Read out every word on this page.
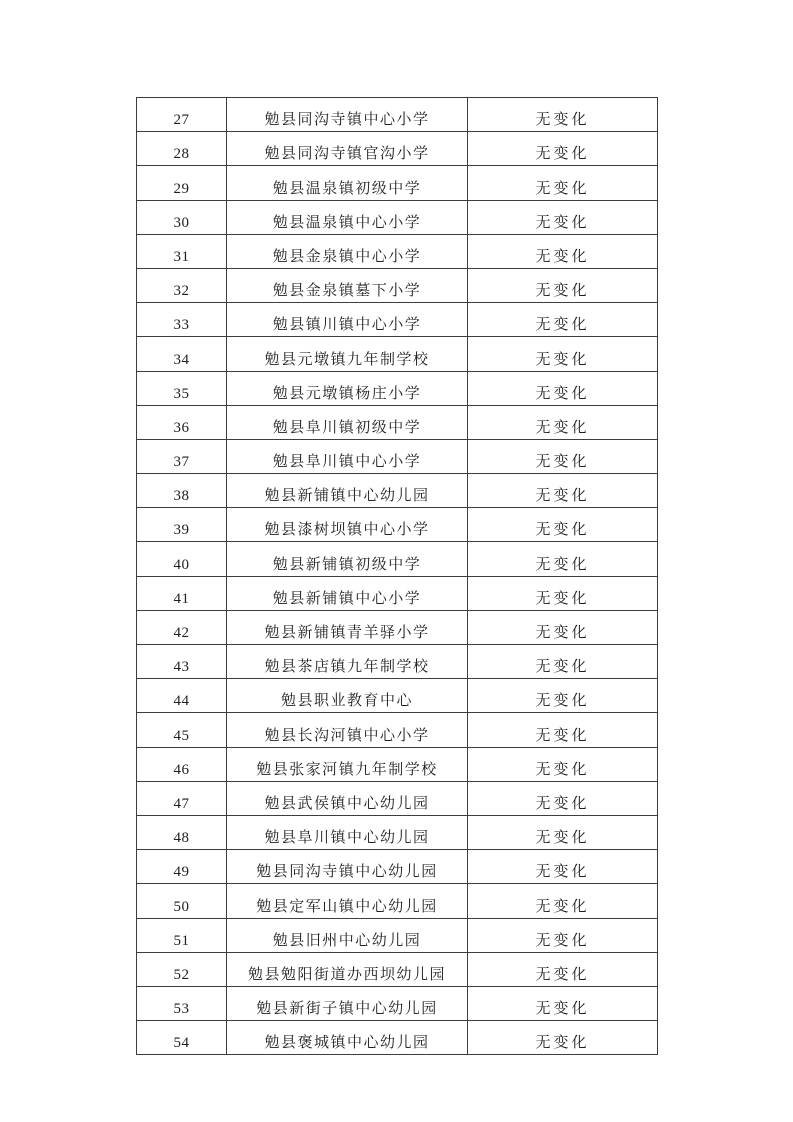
27	勉县同沟寺镇中心小学	无变化
28	勉县同沟寺镇官沟小学	无变化
29	勉县温泉镇初级中学	无变化
30	勉县温泉镇中心小学	无变化
31	勉县金泉镇中心小学	无变化
32	勉县金泉镇墓下小学	无变化
33	勉县镇川镇中心小学	无变化
34	勉县元墩镇九年制学校	无变化
35	勉县元墩镇杨庄小学	无变化
36	勉县阜川镇初级中学	无变化
37	勉县阜川镇中心小学	无变化
38	勉县新铺镇中心幼儿园	无变化
39	勉县漆树坝镇中心小学	无变化
40	勉县新铺镇初级中学	无变化
41	勉县新铺镇中心小学	无变化
42	勉县新铺镇青羊驿小学	无变化
43	勉县茶店镇九年制学校	无变化
44	勉县职业教育中心	无变化
45	勉县长沟河镇中心小学	无变化
46	勉县张家河镇九年制学校	无变化
47	勉县武侯镇中心幼儿园	无变化
48	勉县阜川镇中心幼儿园	无变化
49	勉县同沟寺镇中心幼儿园	无变化
50	勉县定军山镇中心幼儿园	无变化
51	勉县旧州中心幼儿园	无变化
52	勉县勉阳街道办西坝幼儿园	无变化
53	勉县新街子镇中心幼儿园	无变化
54	勉县褒城镇中心幼儿园	无变化
